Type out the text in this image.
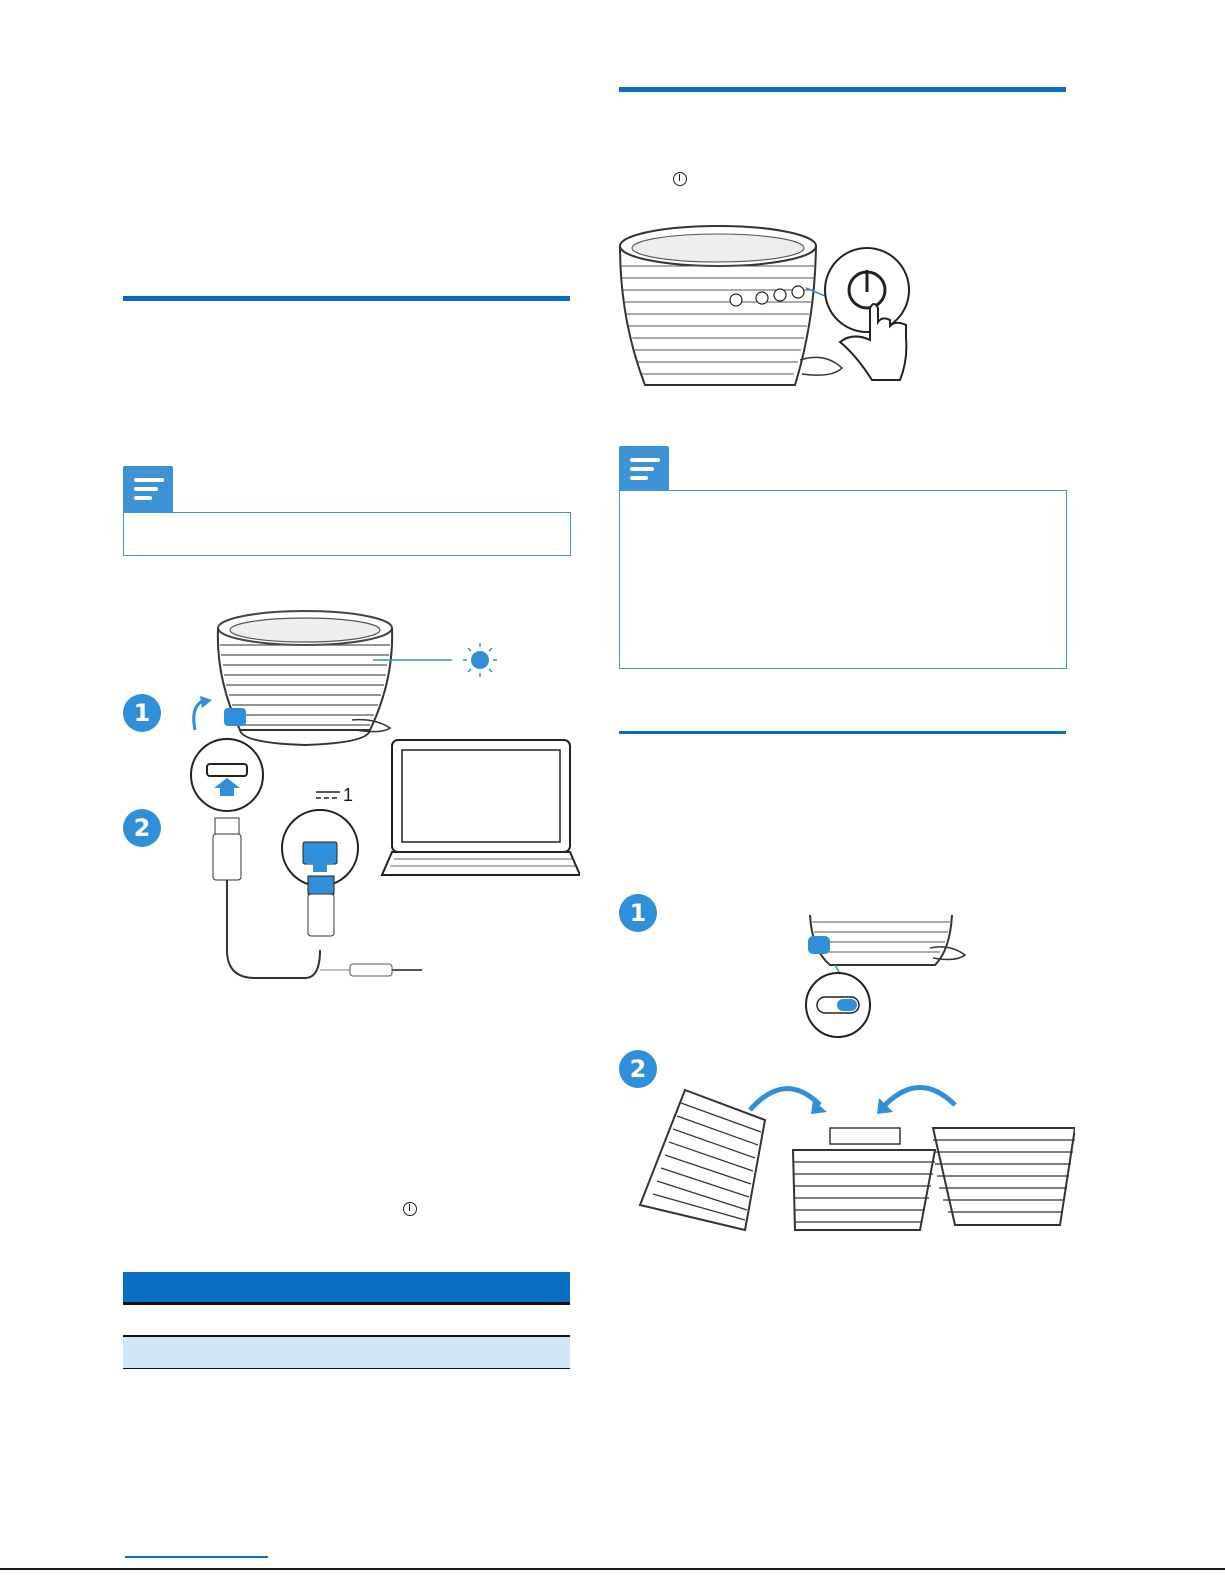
1
2
1
1
2
